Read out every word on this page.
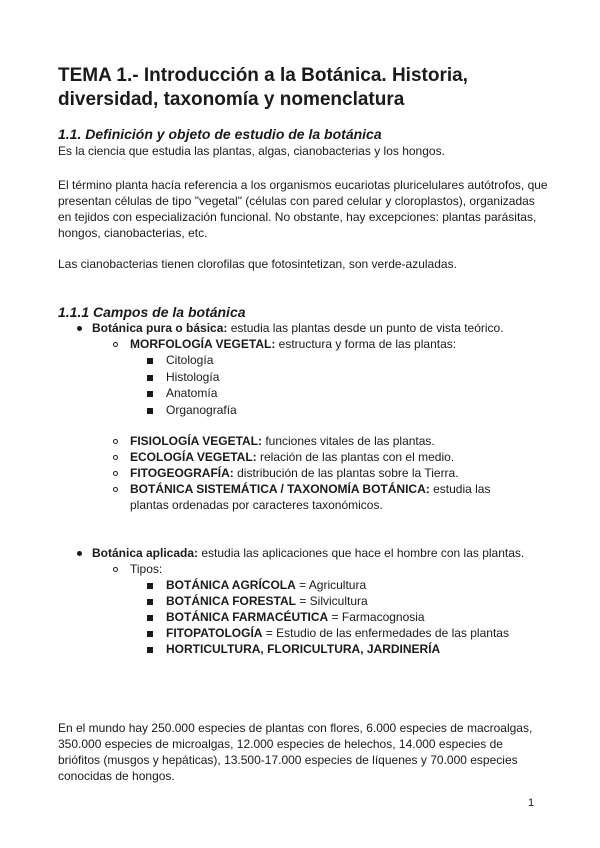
TEMA 1.- Introducción a la Botánica. Historia, diversidad, taxonomía y nomenclatura
1.1. Definición y objeto de estudio de la botánica

Es la ciencia que estudia las plantas, algas, cianobacterias y los hongos.

El término planta hacía referencia a los organismos eucariotas pluricelulares autótrofos, que presentan células de tipo "vegetal" (células con pared celular y cloroplastos), organizadas en tejidos con especialización funcional. No obstante, hay excepciones: plantas parásitas, hongos, cianobacterias, etc.

Las cianobacterias tienen clorofilas que fotosintetizan, son verde-azuladas.

1.1.1 Campos de la botánica
Botánica pura o básica: estudia las plantas desde un punto de vista teórico.
MORFOLOGÍA VEGETAL: estructura y forma de las plantas:
Citología
Histología
Anatomía
Organografía
FISIOLOGÍA VEGETAL: funciones vitales de las plantas.
ECOLOGÍA VEGETAL: relación de las plantas con el medio.
FITOGEOGRAFÍA: distribución de las plantas sobre la Tierra.
BOTÁNICA SISTEMÁTICA / TAXONOMÍA BOTÁNICA: estudia las
plantas ordenadas por caracteres taxonómicos.
Botánica aplicada: estudia las aplicaciones que hace el hombre con las plantas.
Tipos:
BOTÁNICA AGRÍCOLA = Agricultura
BOTÁNICA FORESTAL = Silvicultura
BOTÁNICA FARMACÉUTICA = Farmacognosia
FITOPATOLOGÍA = Estudio de las enfermedades de las plantas
HORTICULTURA, FLORICULTURA, JARDINERÍA

En el mundo hay 250.000 especies de plantas con flores, 6.000 especies de macroalgas, 350.000 especies de microalgas, 12.000 especies de helechos, 14.000 especies de briófitos (musgos y hepáticas), 13.500-17.000 especies de líquenes y 70.000 especies conocidas de hongos.

1
